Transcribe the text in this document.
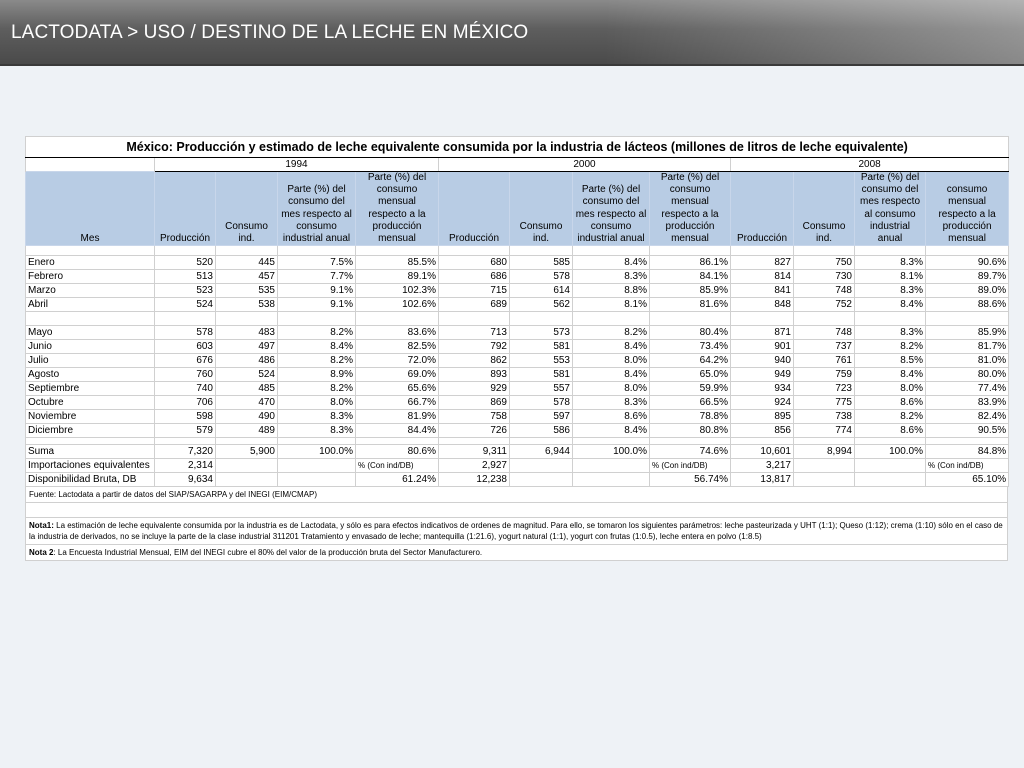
LACTODATA > USO / DESTINO DE LA LECHE EN MÉXICO
México: Producción y estimado de leche equivalente consumida por la industria de lácteos (millones de litros de leche equivalente)												
	1994				2000				2008			
Mes	Producción	Consumo ind.	Parte (%) del consumo del mes respecto al consumo industrial anual	Parte (%) del consumo mensual respecto a la producción mensual	Producción	Consumo ind.	Parte (%) del consumo del mes respecto al consumo industrial anual	Parte (%) del consumo mensual respecto a la producción mensual	Producción	Consumo ind.	Parte (%) del consumo del mes respecto al consumo industrial anual	consumo mensual respecto a la producción mensual

Enero	520	445	7.5%	85.5%	680	585	8.4%	86.1%	827	750	8.3%	90.6%
Febrero	513	457	7.7%	89.1%	686	578	8.3%	84.1%	814	730	8.1%	89.7%
Marzo	523	535	9.1%	102.3%	715	614	8.8%	85.9%	841	748	8.3%	89.0%
Abril	524	538	9.1%	102.6%	689	562	8.1%	81.6%	848	752	8.4%	88.6%

Mayo	578	483	8.2%	83.6%	713	573	8.2%	80.4%	871	748	8.3%	85.9%
Junio	603	497	8.4%	82.5%	792	581	8.4%	73.4%	901	737	8.2%	81.7%
Julio	676	486	8.2%	72.0%	862	553	8.0%	64.2%	940	761	8.5%	81.0%
Agosto	760	524	8.9%	69.0%	893	581	8.4%	65.0%	949	759	8.4%	80.0%
Septiembre	740	485	8.2%	65.6%	929	557	8.0%	59.9%	934	723	8.0%	77.4%
Octubre	706	470	8.0%	66.7%	869	578	8.3%	66.5%	924	775	8.6%	83.9%
Noviembre	598	490	8.3%	81.9%	758	597	8.6%	78.8%	895	738	8.2%	82.4%
Diciembre	579	489	8.3%	84.4%	726	586	8.4%	80.8%	856	774	8.6%	90.5%

Suma	7,320	5,900	100.0%	80.6%	9,311	6,944	100.0%	74.6%	10,601	8,994	100.0%	84.8%
Importaciones equivalentes	2,314			% (Con ind/DB)	2,927			% (Con ind/DB)	3,217			% (Con ind/DB)
Disponibilidad Bruta, DB	9,634			61.24%	12,238			56.74%	13,817			65.10%
Fuente: Lactodata a partir de datos del SIAP/SAGARPA y del INEGI (EIM/CMAP)
Nota1: La estimación de leche equivalente consumida por la industria es de Lactodata, y sólo es para efectos indicativos de ordenes de magnitud. Para ello, se tomaron los siguientes parámetros: leche pasteurizada y UHT (1:1); Queso (1:12); crema (1:10) sólo en el caso de la industria de derivados, no se incluye la parte de la clase industrial 311201 Tratamiento y envasado de leche; mantequilla (1:21.6), yogurt natural (1:1), yogurt con frutas (1:0.5), leche entera en polvo (1:8.5)
Nota 2: La Encuesta Industrial Mensual, EIM del INEGI cubre el 80% del valor de la producción bruta del Sector Manufacturero.
